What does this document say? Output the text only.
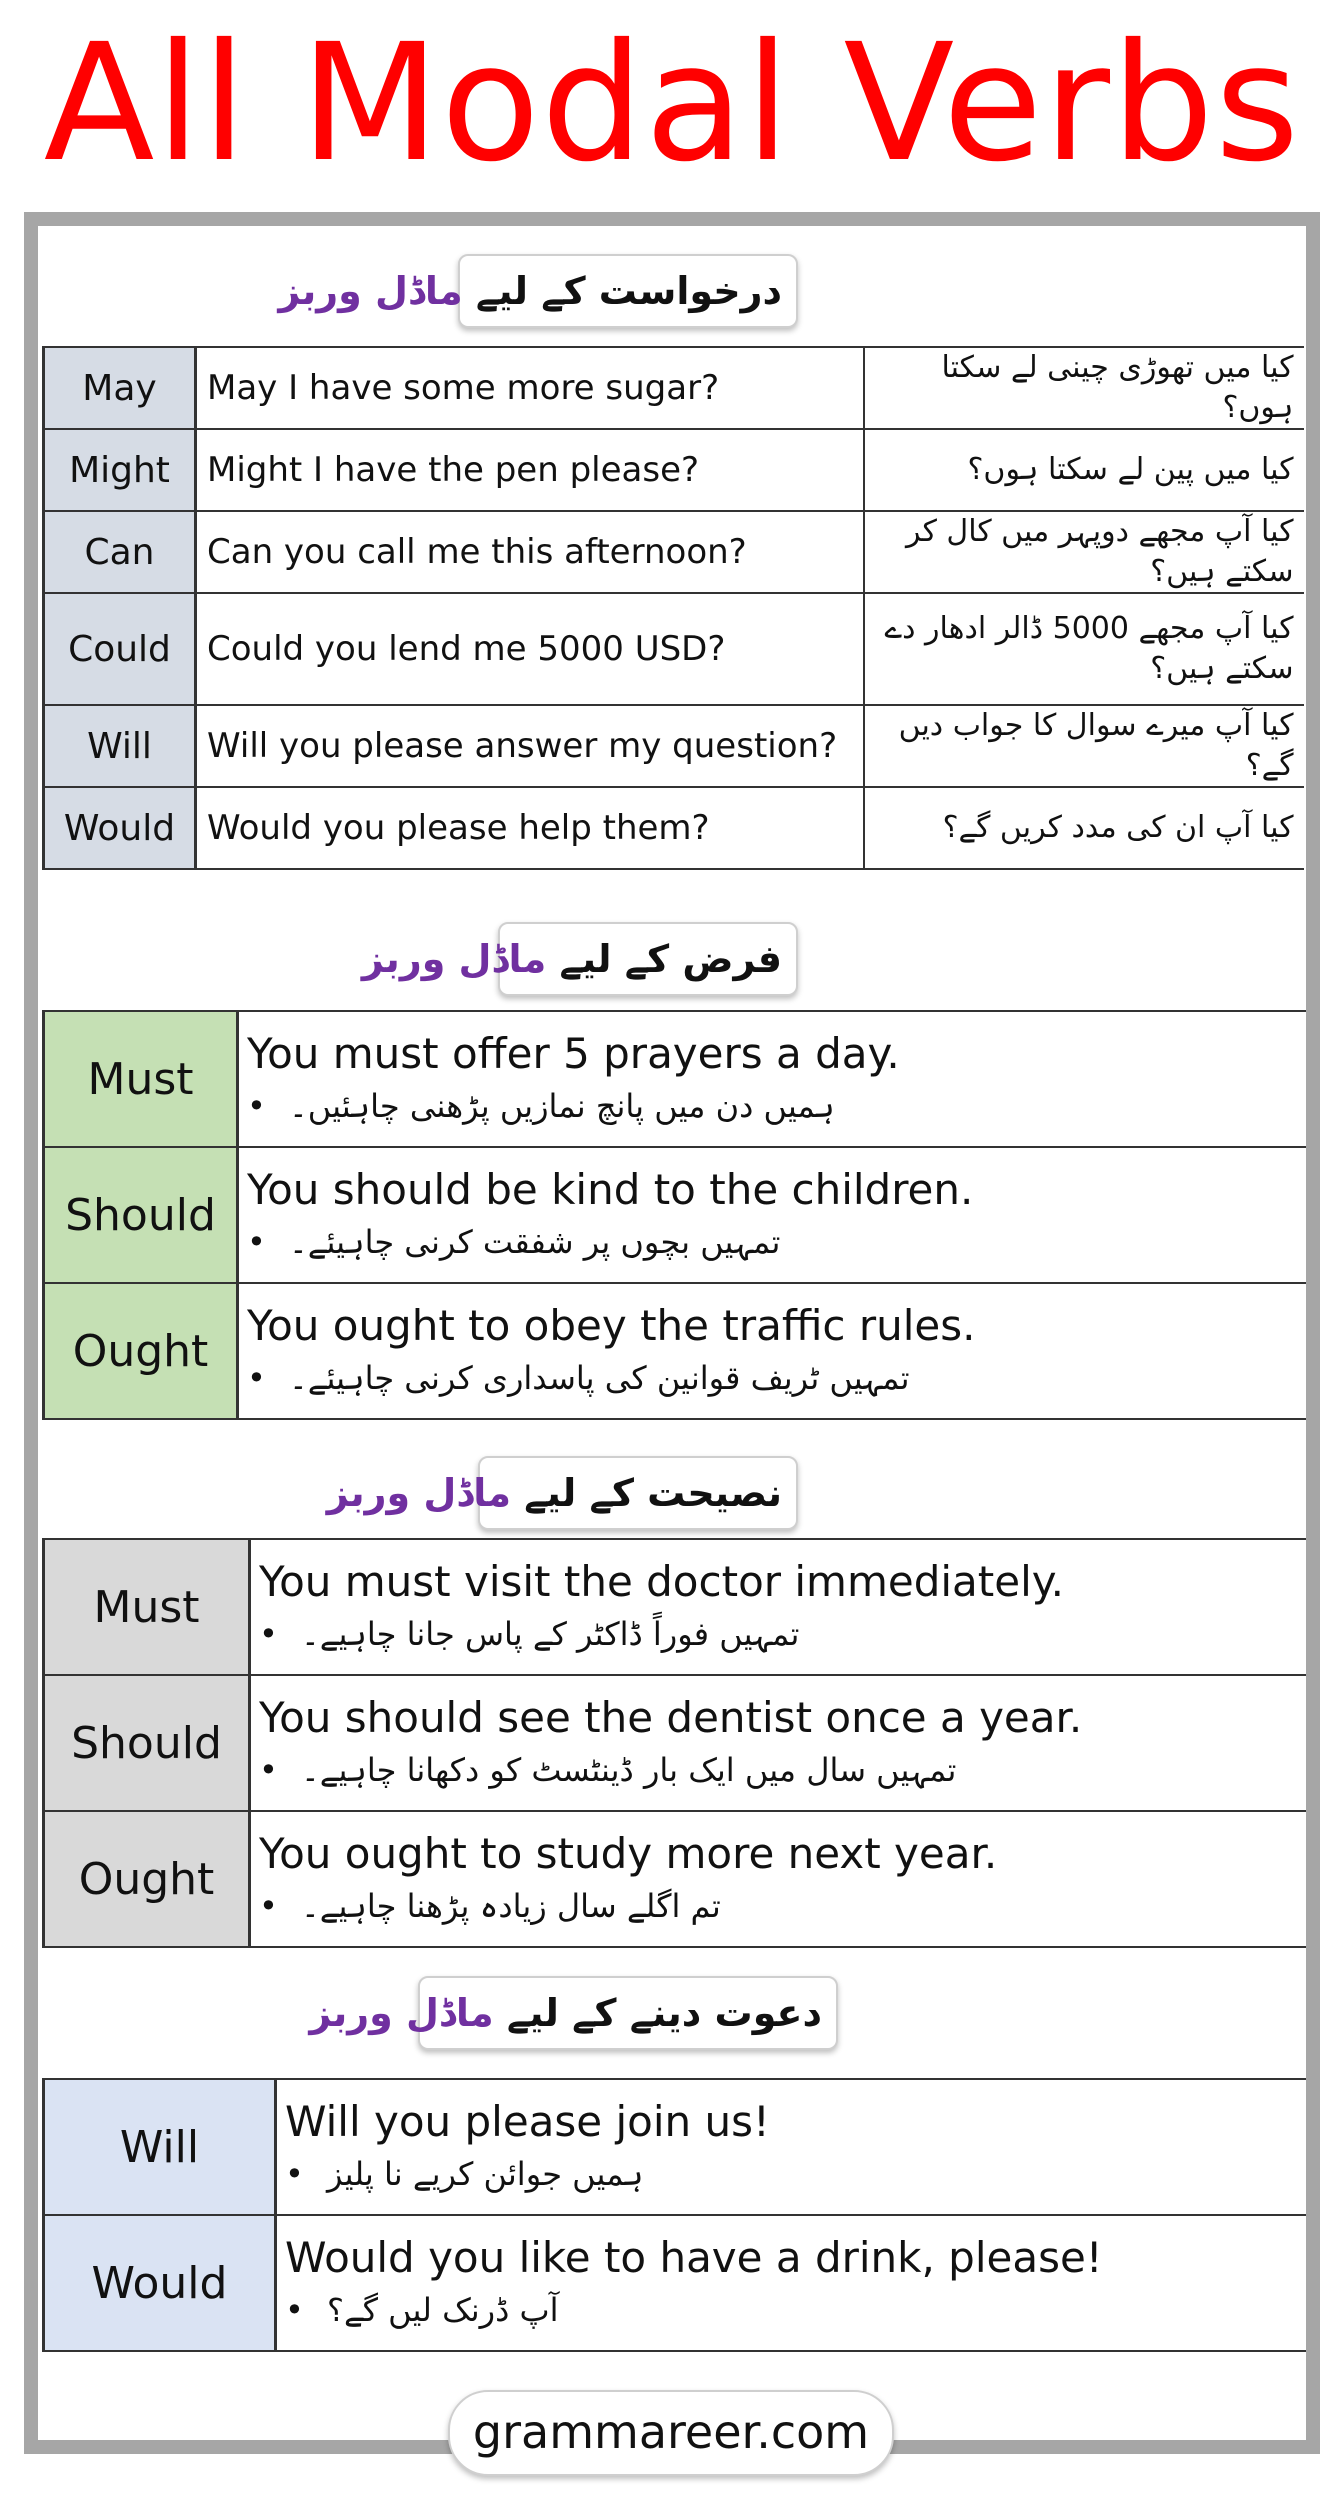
All Modal Verbs
درخواست کے لیے ماڈل وربز
May	May I have some more sugar?	کیا میں تھوڑی چینی لے سکتا ہوں؟
Might	Might I have the pen please?	کیا میں پین لے سکتا ہوں؟
Can	Can you call me this afternoon?	کیا آپ مجھے دوپہر میں کال کر سکتے ہیں؟
Could	Could you lend me 5000 USD?	کیا آپ مجھے 5000 ڈالر ادھار دے سکتے ہیں؟
Will	Will you please answer my question?	کیا آپ میرے سوال کا جواب دیں گے؟
Would	Would you please help them?	کیا آپ ان کی مدد کریں گے؟
فرض کے لیے ماڈل وربز
Must	You must offer 5 prayers a day.
• ہمیں دن میں پانچ نمازیں پڑھنی چاہئیں۔

Should	You should be kind to the children.
• تمہیں بچوں پر شفقت کرنی چاہیئے۔

Ought	You ought to obey the traffic rules.
• تمہیں ٹریف قوانین کی پاسداری کرنی چاہیئے۔
نصیحت کے لیے ماڈل وربز
Must	You must visit the doctor immediately.
• تمہیں فوراً ڈاکٹر کے پاس جانا چاہیے۔

Should	You should see the dentist once a year.
• تمہیں سال میں ایک بار ڈینٹسٹ کو دکھانا چاہیے۔

Ought	You ought to study more next year.
• تم اگلے سال زیادہ پڑھنا چاہیے۔
دعوت دینے کے لیے ماڈل وربز
Will	Will you please join us!
• ہمیں جوائن کریے نا پلیز

Would	Would you like to have a drink, please!
• آپ ڈرنک لیں گے؟
grammareer.com
